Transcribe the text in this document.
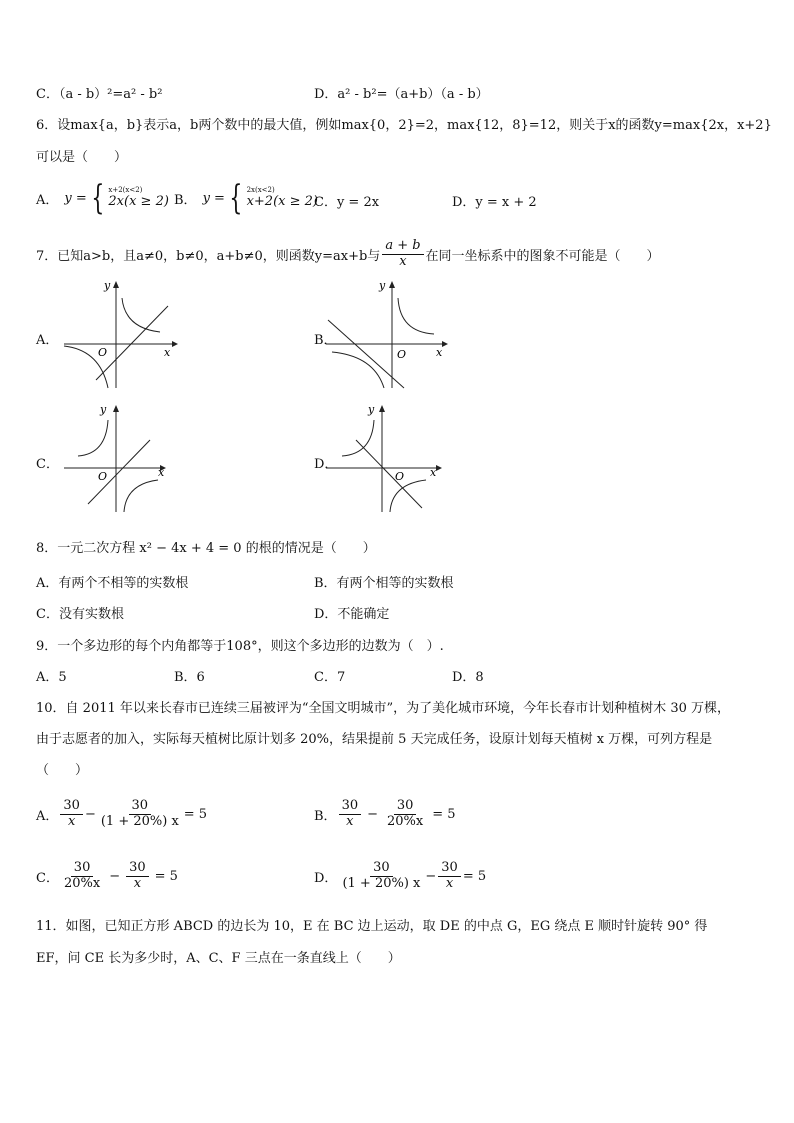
C．（a - b）²=a² - b²	D．a² - b²=（a+b）（a - b）
6．设max{a，b}表示a，b两个数中的最大值，例如max{0，2}=2，max{12，8}=12，则关于x的函数y=max{2x，x+2}
可以是（　　）
A． y = { x+2(x<2)
2x(x ≥ 2) B． y = { 2x(x<2)
x+2(x ≥ 2)
C．y = 2x	D．y = x + 2
7．已知a>b，且a≠0，b≠0，a+b≠0，则函数y=ax+b与 $\frac{a + b}{x}$ 在同一坐标系中的图象不可能是（　　）
A．	B．
C．	D．
x
y
O	x
y
O
x
y
O	x
y
O
8．一元二次方程 x² − 4x + 4 = 0 的根的情况是（　　）
A．有两个不相等的实数根	B．有两个相等的实数根
C．没有实数根	D．不能确定
9．一个多边形的每个内角都等于108°，则这个多边形的边数为（　）.
A．5	B．6	C．7	D．8
10．自 2011 年以来长春市已连续三届被评为“全国文明城市”，为了美化城市环境，今年长春市计划种植树木 30 万棵，
由于志愿者的加入，实际每天植树比原计划多 20%，结果提前 5 天完成任务，设原计划每天植树 x 万棵，可列方程是
（　　）
A． $\frac{30}{x} - \frac{30}{(1 + 20\%) x} = 5$	B． $\frac{30}{x} - \frac{30}{20\%x} = 5$
C． $\frac{30}{20\%x} - \frac{30}{x} = 5$	D． $\frac{30}{(1 + 20\%) x} - \frac{30}{x} = 5$
11．如图，已知正方形 ABCD 的边长为 10，E 在 BC 边上运动，取 DE 的中点 G，EG 绕点 E 顺时针旋转 90° 得
EF，问 CE 长为多少时，A、C、F 三点在一条直线上（　　）
